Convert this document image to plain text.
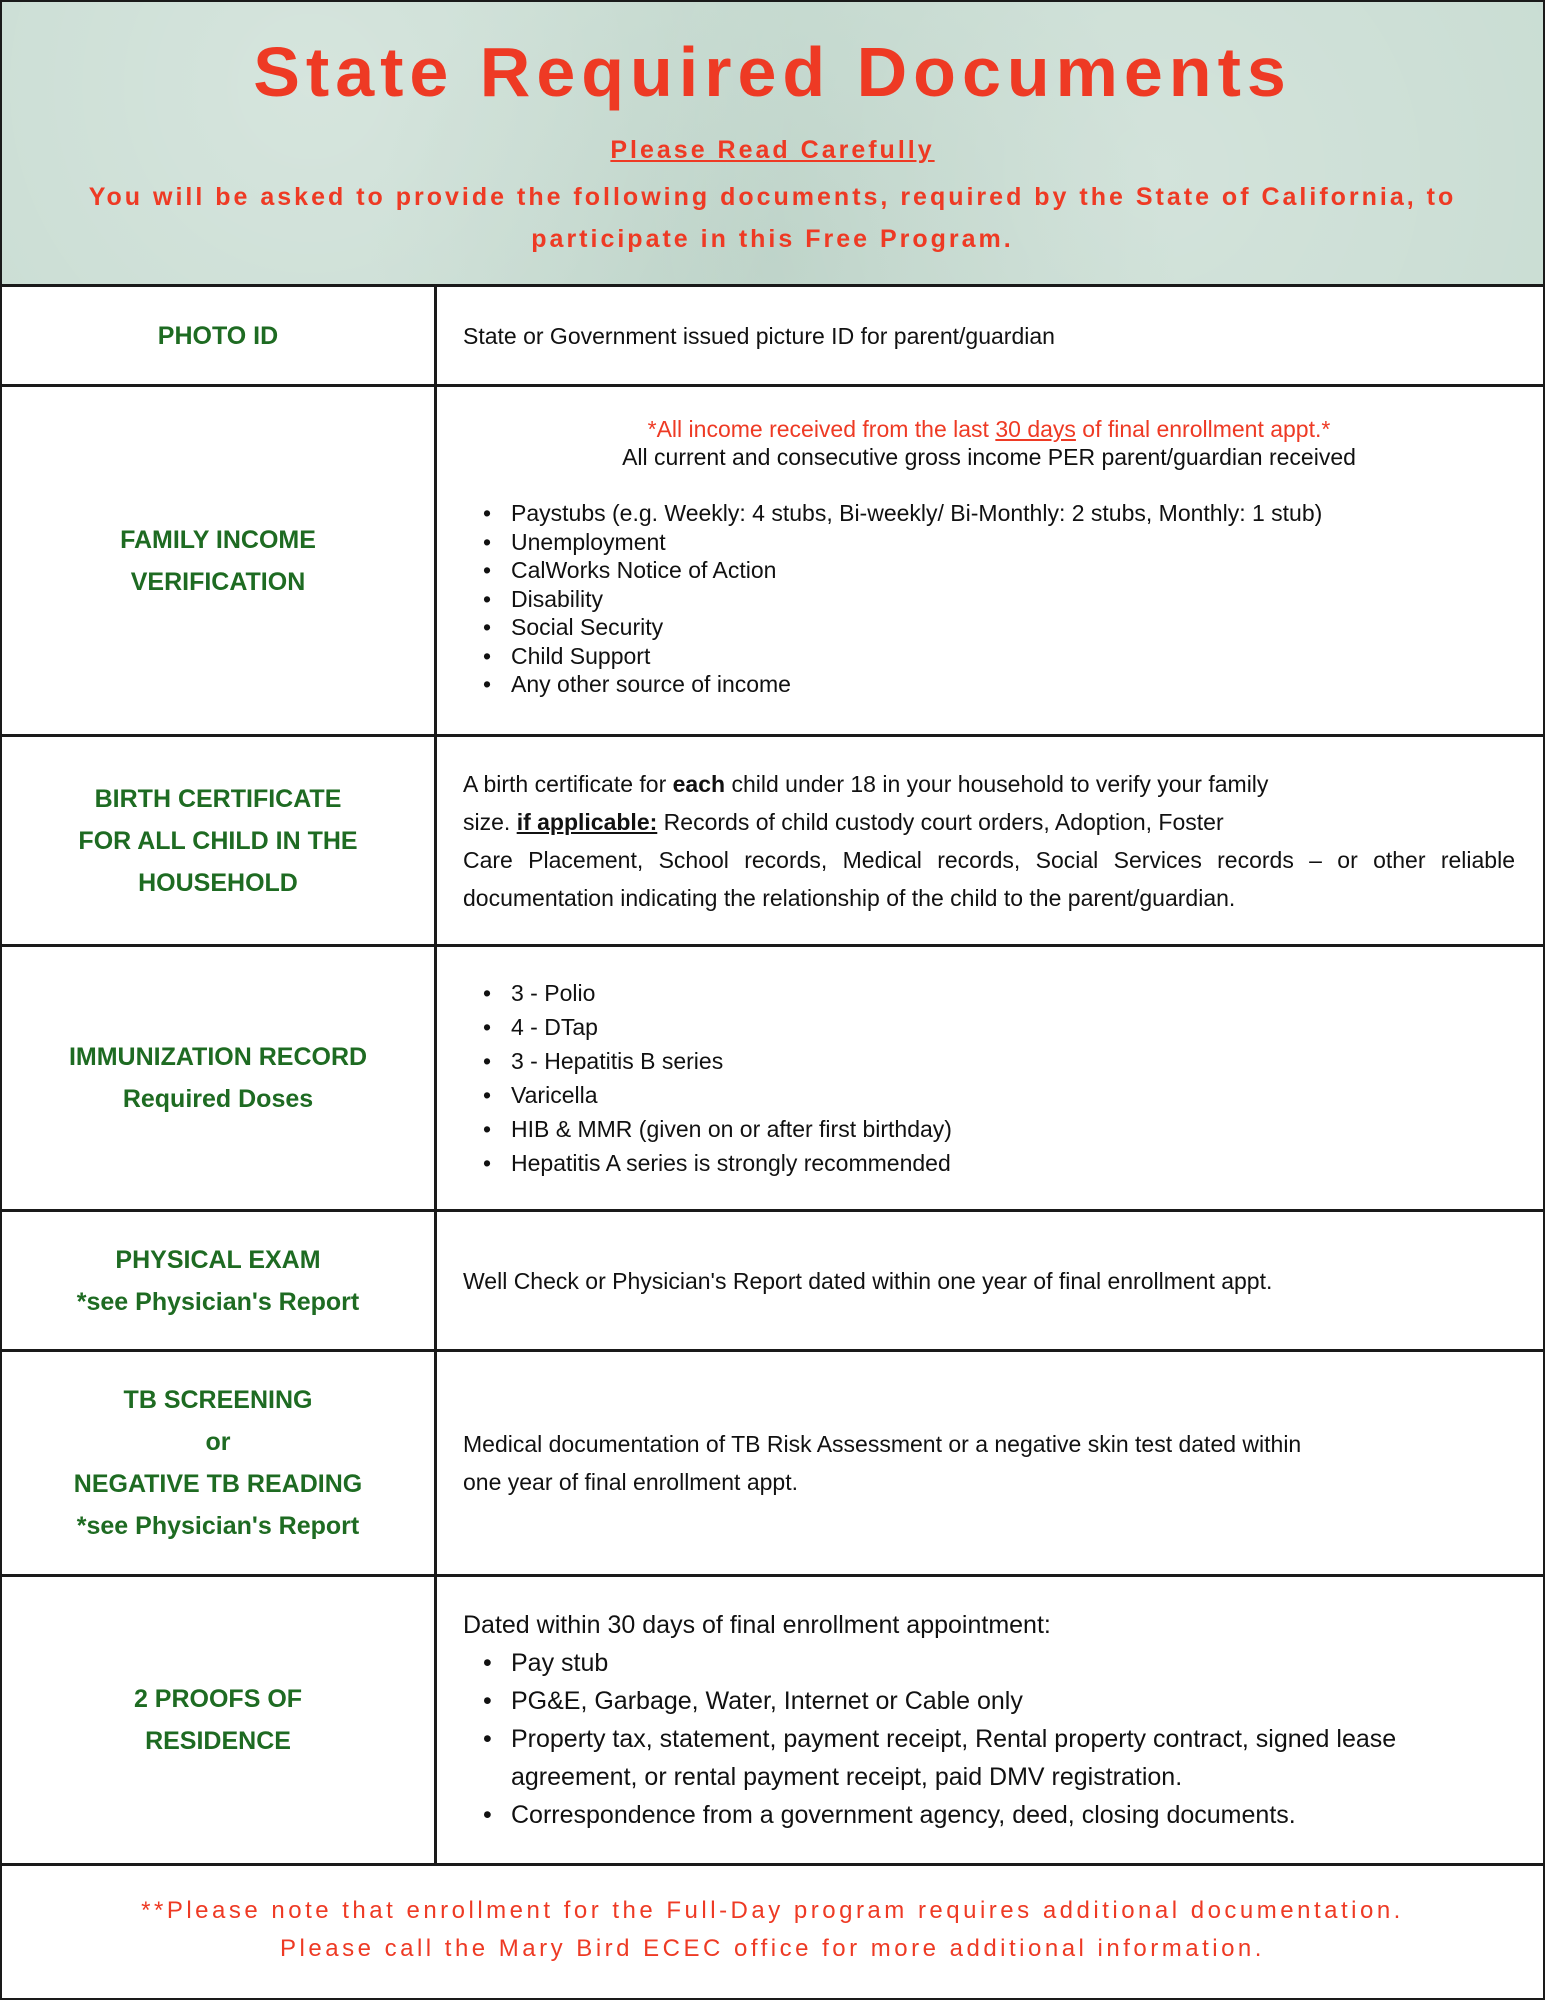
State Required Documents
Please Read Carefully
You will be asked to provide the following documents, required by the State of California, to participate in this Free Program.
PHOTO ID	State or Government issued picture ID for parent/guardian
FAMILY INCOME
VERIFICATION
*All income received from the last 30 days of final enrollment appt.*
All current and consecutive gross income PER parent/guardian received
• Paystubs (e.g. Weekly: 4 stubs, Bi-weekly/ Bi-Monthly: 2 stubs, Monthly: 1 stub)
• Unemployment
• CalWorks Notice of Action
• Disability
• Social Security
• Child Support
• Any other source of income
BIRTH CERTIFICATE
FOR ALL CHILD IN THE
HOUSEHOLD
A birth certificate for each child under 18 in your household to verify your family
size. if applicable: Records of child custody court orders, Adoption, Foster
Care Placement, School records, Medical records, Social Services records – or other reliable documentation indicating the relationship of the child to the parent/guardian.
IMMUNIZATION RECORD
Required Doses
• 3 - Polio
• 4 - DTap
• 3 - Hepatitis B series
• Varicella
• HIB & MMR (given on or after first birthday)
• Hepatitis A series is strongly recommended
PHYSICAL EXAM
*see Physician's Report
Well Check or Physician's Report dated within one year of final enrollment appt.
TB SCREENING
or
NEGATIVE TB READING
*see Physician's Report
Medical documentation of TB Risk Assessment or a negative skin test dated within
one year of final enrollment appt.
2 PROOFS OF
RESIDENCE
Dated within 30 days of final enrollment appointment:
• Pay stub
• PG&E, Garbage, Water, Internet or Cable only
• Property tax, statement, payment receipt, Rental property contract, signed lease agreement, or rental payment receipt, paid DMV registration.
• Correspondence from a government agency, deed, closing documents.
**Please note that enrollment for the Full-Day program requires additional documentation.
Please call the Mary Bird ECEC office for more additional information.
